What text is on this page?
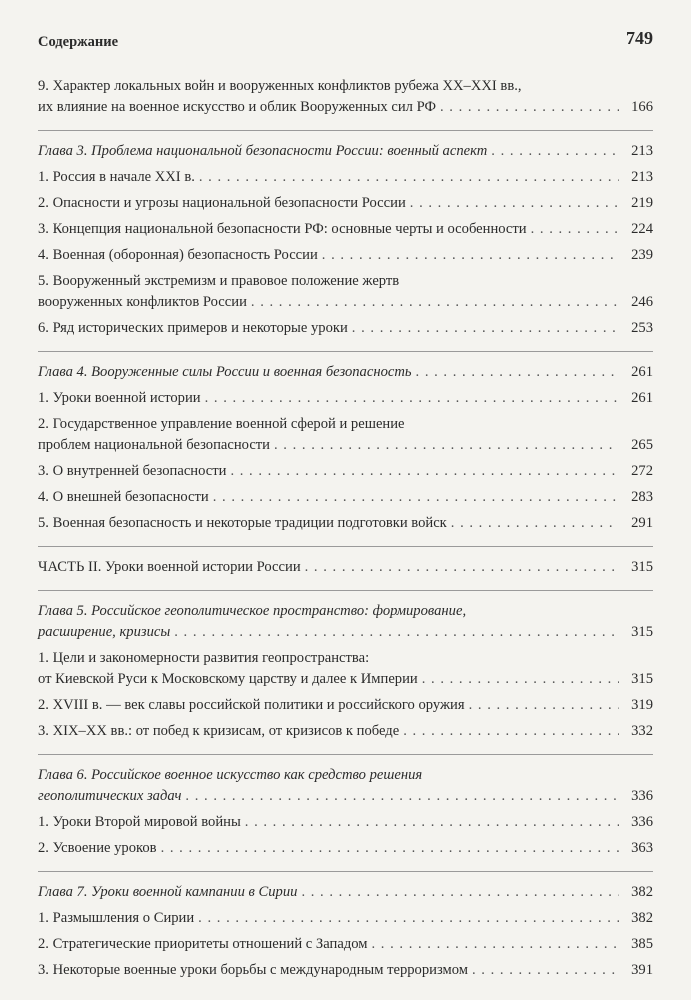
Содержание	749
9. Характер локальных войн и вооруженных конфликтов рубежа XX–XXI вв.,
их влияние на военное искусство и облик Вооруженных сил РФ . . .	166
Глава 3. Проблема национальной безопасности России: военный аспект . . .	213
1. Россия в начале XXI в. . . .	213
2. Опасности и угрозы национальной безопасности России . . .	219
3. Концепция национальной безопасности РФ: основные черты и особенности . . .	224
4. Военная (оборонная) безопасность России . . .	239
5. Вооруженный экстремизм и правовое положение жертв
вооруженных конфликтов России . . .	246
6. Ряд исторических примеров и некоторые уроки . . .	253
Глава 4. Вооруженные силы России и военная безопасность . . .	261
1. Уроки военной истории . . .	261
2. Государственное управление военной сферой и решение
проблем национальной безопасности . . .	265
3. О внутренней безопасности . . .	272
4. О внешней безопасности . . .	283
5. Военная безопасность и некоторые традиции подготовки войск . . .	291
ЧАСТЬ II. Уроки военной истории России . . .	315
Глава 5. Российское геополитическое пространство: формирование,
расширение, кризисы . . .	315
1. Цели и закономерности развития геопространства:
от Киевской Руси к Московскому царству и далее к Империи . . .	315
2. XVIII в. — век славы российской политики и российского оружия . . .	319
3. XIX–XX вв.: от побед к кризисам, от кризисов к победе . . .	332
Глава 6. Российское военное искусство как средство решения
геополитических задач . . .	336
1. Уроки Второй мировой войны . . .	336
2. Усвоение уроков . . .	363
Глава 7. Уроки военной кампании в Сирии . . .	382
1. Размышления о Сирии . . .	382
2. Стратегические приоритеты отношений с Западом . . .	385
3. Некоторые военные уроки борьбы с международным терроризмом . . .	391
